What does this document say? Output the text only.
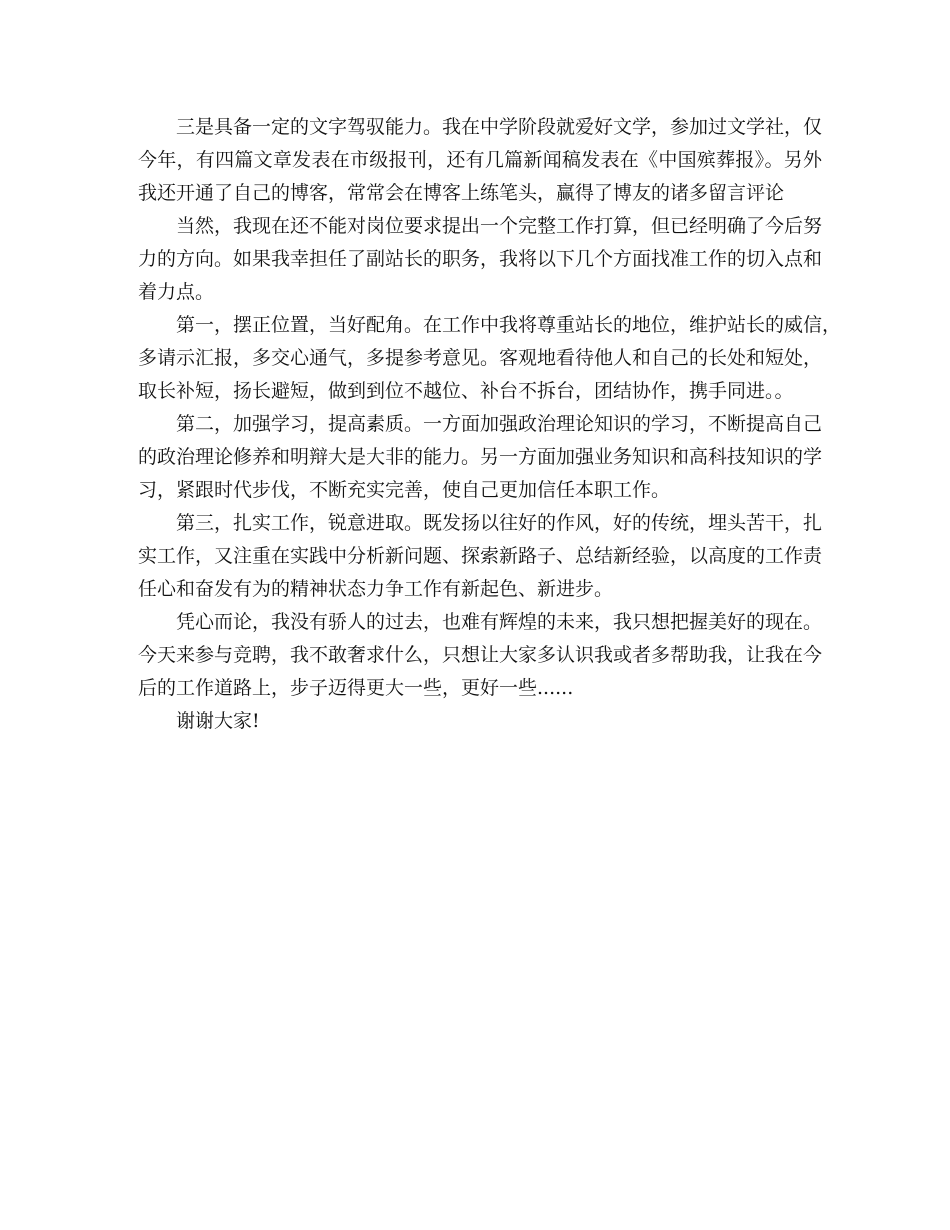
三是具备一定的文字驾驭能力。我在中学阶段就爱好文学，参加过文学社，仅
今年，有四篇文章发表在市级报刊，还有几篇新闻稿发表在《中国殡葬报》。另外
我还开通了自己的博客，常常会在博客上练笔头，赢得了博友的诸多留言评论
当然，我现在还不能对岗位要求提出一个完整工作打算，但已经明确了今后努
力的方向。如果我幸担任了副站长的职务，我将以下几个方面找准工作的切入点和
着力点。
第一，摆正位置，当好配角。在工作中我将尊重站长的地位，维护站长的威信，
多请示汇报，多交心通气，多提参考意见。客观地看待他人和自己的长处和短处，
取长补短，扬长避短，做到到位不越位、补台不拆台，团结协作，携手同进。。
第二，加强学习，提高素质。一方面加强政治理论知识的学习，不断提高自己
的政治理论修养和明辩大是大非的能力。另一方面加强业务知识和高科技知识的学
习，紧跟时代步伐，不断充实完善，使自己更加信任本职工作。
第三，扎实工作，锐意进取。既发扬以往好的作风，好的传统，埋头苦干，扎
实工作，又注重在实践中分析新问题、探索新路子、总结新经验，以高度的工作责
任心和奋发有为的精神状态力争工作有新起色、新进步。
凭心而论，我没有骄人的过去，也难有辉煌的未来，我只想把握美好的现在。
今天来参与竞聘，我不敢奢求什么，只想让大家多认识我或者多帮助我，让我在今
后的工作道路上，步子迈得更大一些，更好一些......
谢谢大家!
